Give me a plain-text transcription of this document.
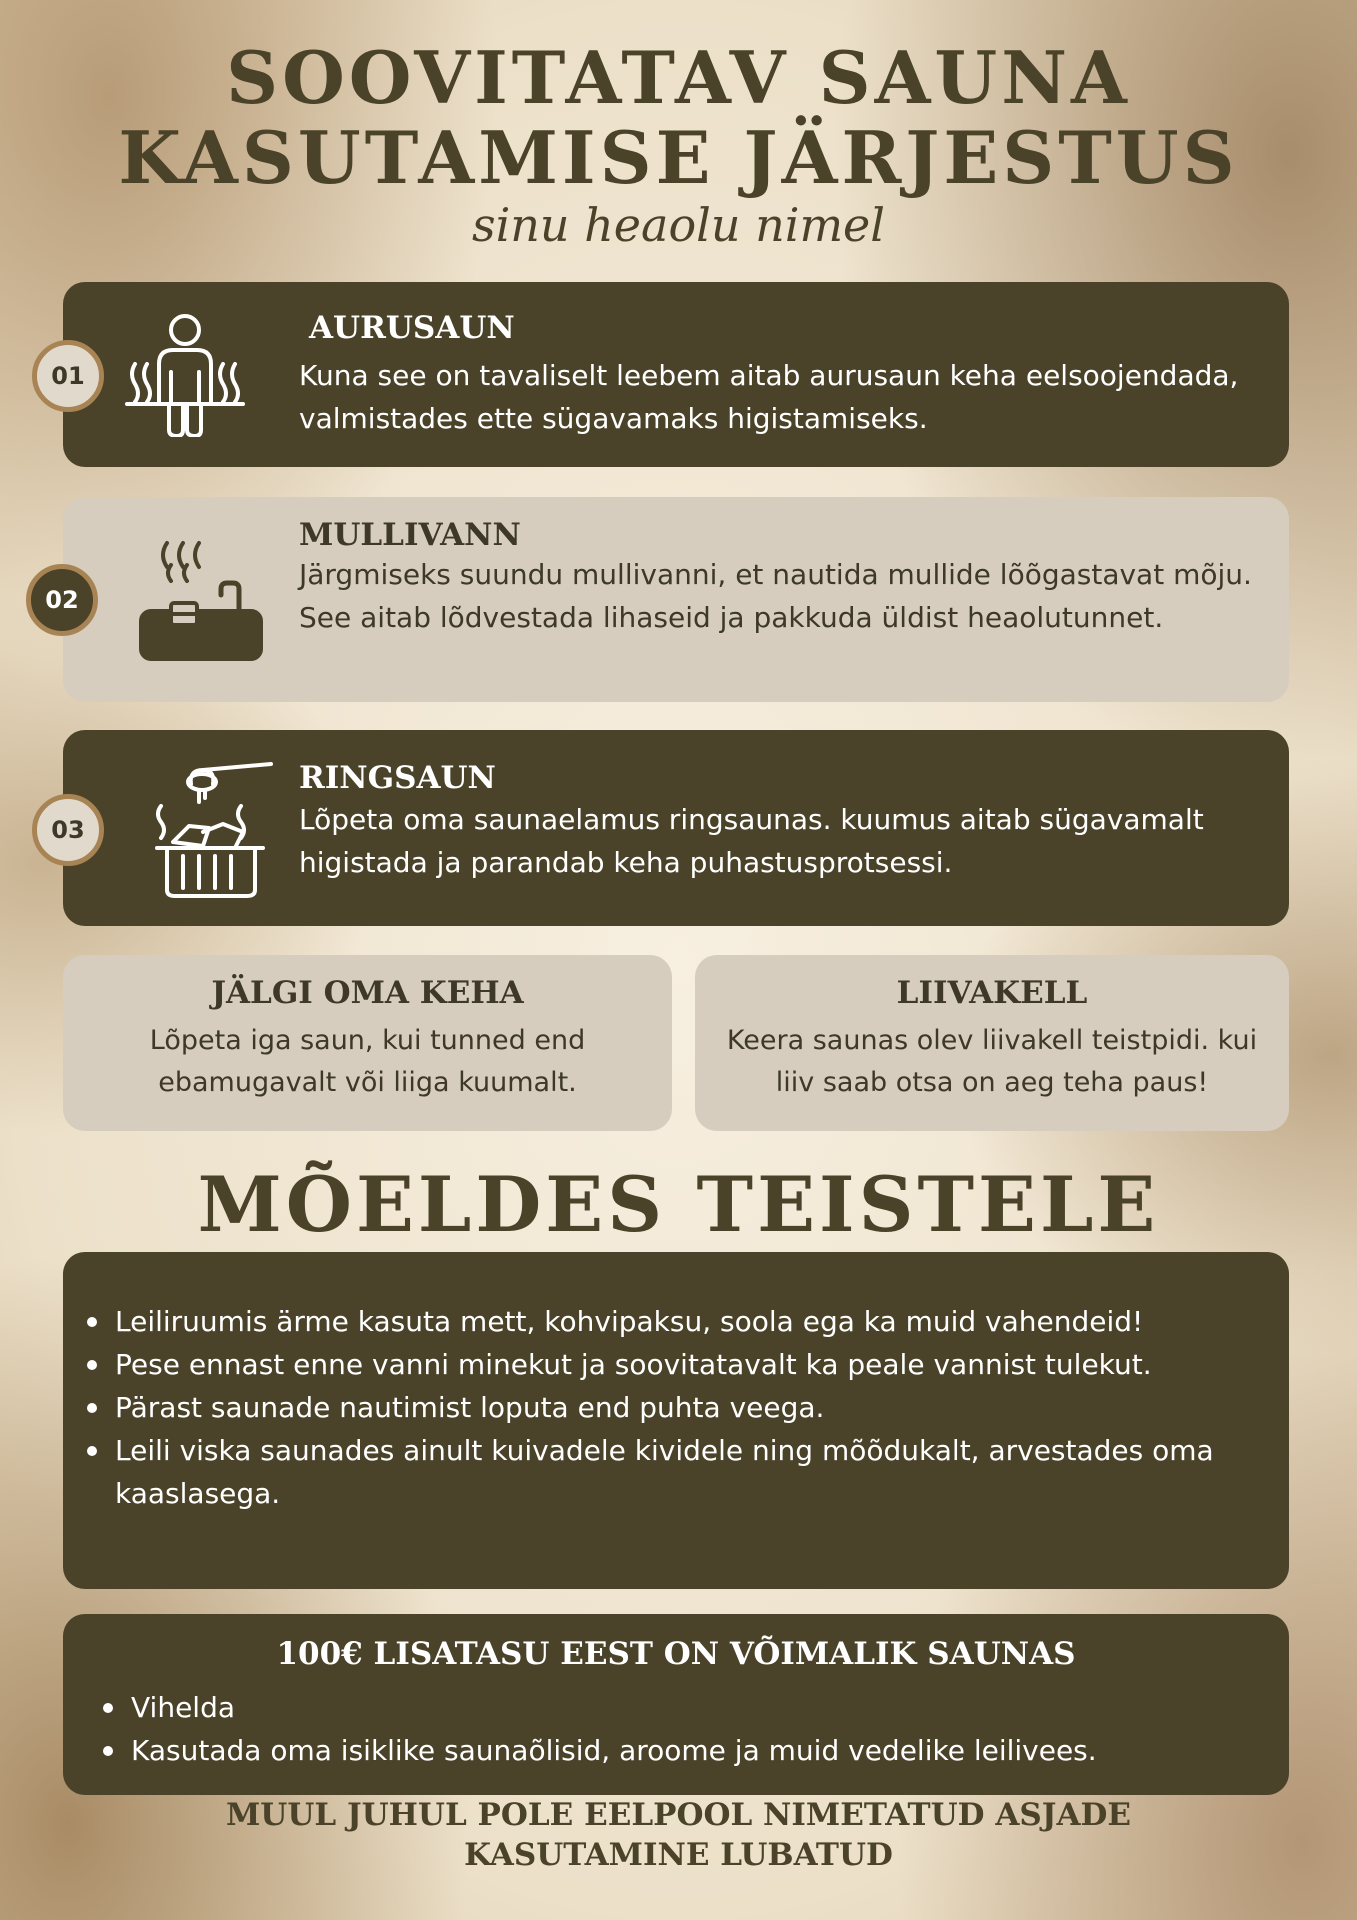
SOOVITATAV SAUNA
KASUTAMISE JÄRJESTUS
sinu heaolu nimel
AURUSAUN
Kuna see on tavaliselt leebem aitab aurusaun keha eelsoojendada, valmistades ette sügavamaks higistamiseks.
01
MULLIVANN
Järgmiseks suundu mullivanni, et nautida mullide lõõgastavat mõju. See aitab lõdvestada lihaseid ja pakkuda üldist heaolutunnet.
02
RINGSAUN
Lõpeta oma saunaelamus ringsaunas. kuumus aitab sügavamalt higistada ja parandab keha puhastusprotsessi.
03
JÄLGI OMA KEHA
Lõpeta iga saun, kui tunned end ebamugavalt või liiga kuumalt.
LIIVAKELL
Keera saunas olev liivakell teistpidi. kui liiv saab otsa on aeg teha paus!
MÕELDES TEISTELE
Leiliruumis ärme kasuta mett, kohvipaksu, soola ega ka muid vahendeid!
Pese ennast enne vanni minekut ja soovitatavalt ka peale vannist tulekut.
Pärast saunade nautimist loputa end puhta veega.
Leili viska saunades ainult kuivadele kividele ning mõõdukalt, arvestades oma kaaslasega.
100€ LISATASU EEST ON VÕIMALIK SAUNAS
Vihelda
Kasutada oma isiklike saunaõlisid, aroome ja muid vedelike leilivees.
MUUL JUHUL POLE EELPOOL NIMETATUD ASJADE
KASUTAMINE LUBATUD
